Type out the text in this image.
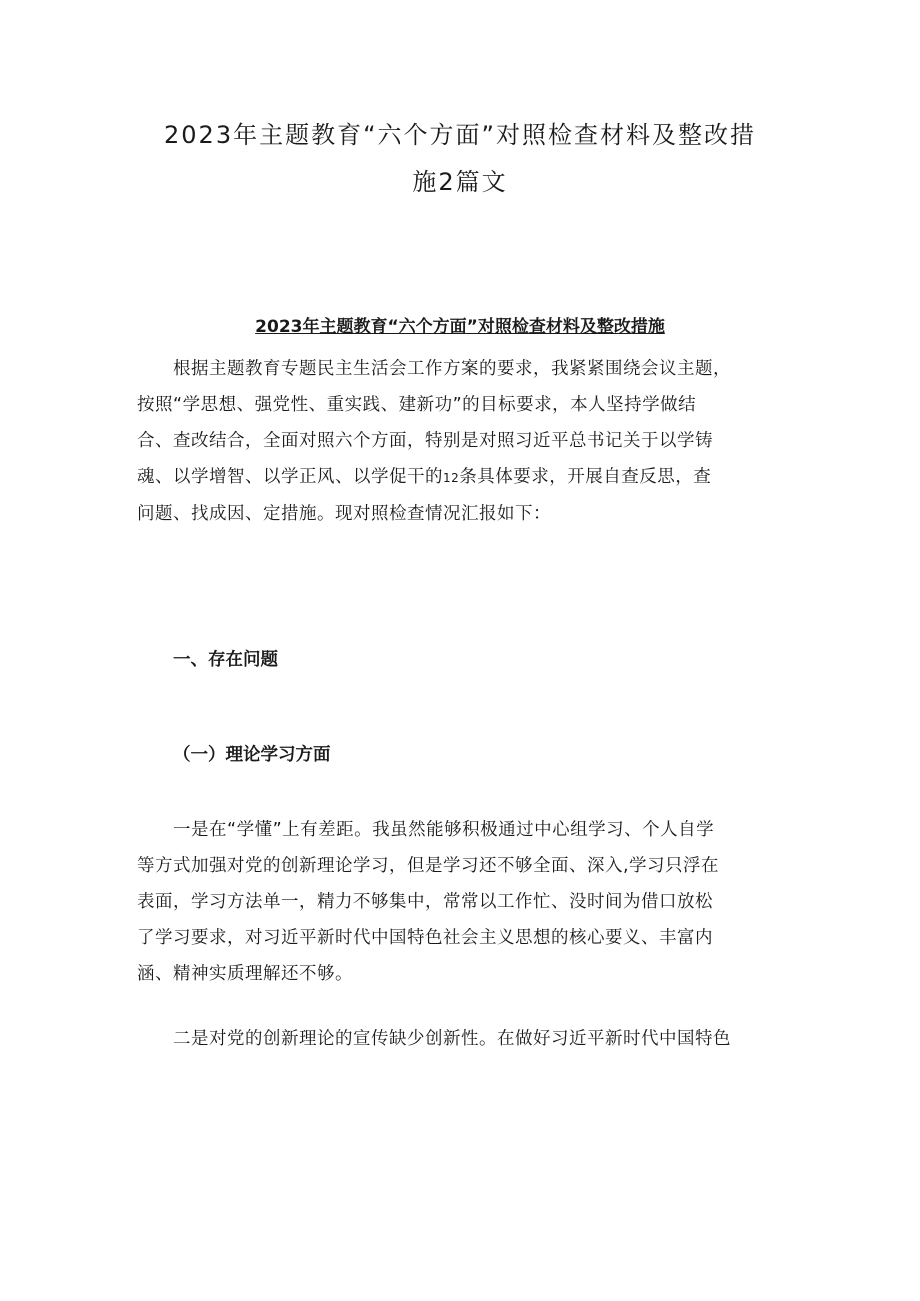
2023年主题教育“六个方面”对照检查材料及整改措
施2篇文
2023年主题教育“六个方面”对照检查材料及整改措施
根据主题教育专题民主生活会工作方案的要求，我紧紧围绕会议主题，
按照“学思想、强党性、重实践、建新功”的目标要求，本人坚持学做结
合、查改结合，全面对照六个方面，特别是对照习近平总书记关于以学铸
魂、以学增智、以学正风、以学促干的12条具体要求，开展自查反思，查
问题、找成因、定措施。现对照检查情况汇报如下：
一、存在问题
（一）理论学习方面
一是在“学懂”上有差距。我虽然能够积极通过中心组学习、个人自学
等方式加强对党的创新理论学习，但是学习还不够全面、深入,学习只浮在
表面，学习方法单一，精力不够集中，常常以工作忙、没时间为借口放松
了学习要求，对习近平新时代中国特色社会主义思想的核心要义、丰富内
涵、精神实质理解还不够。
二是对党的创新理论的宣传缺少创新性。在做好习近平新时代中国特色
